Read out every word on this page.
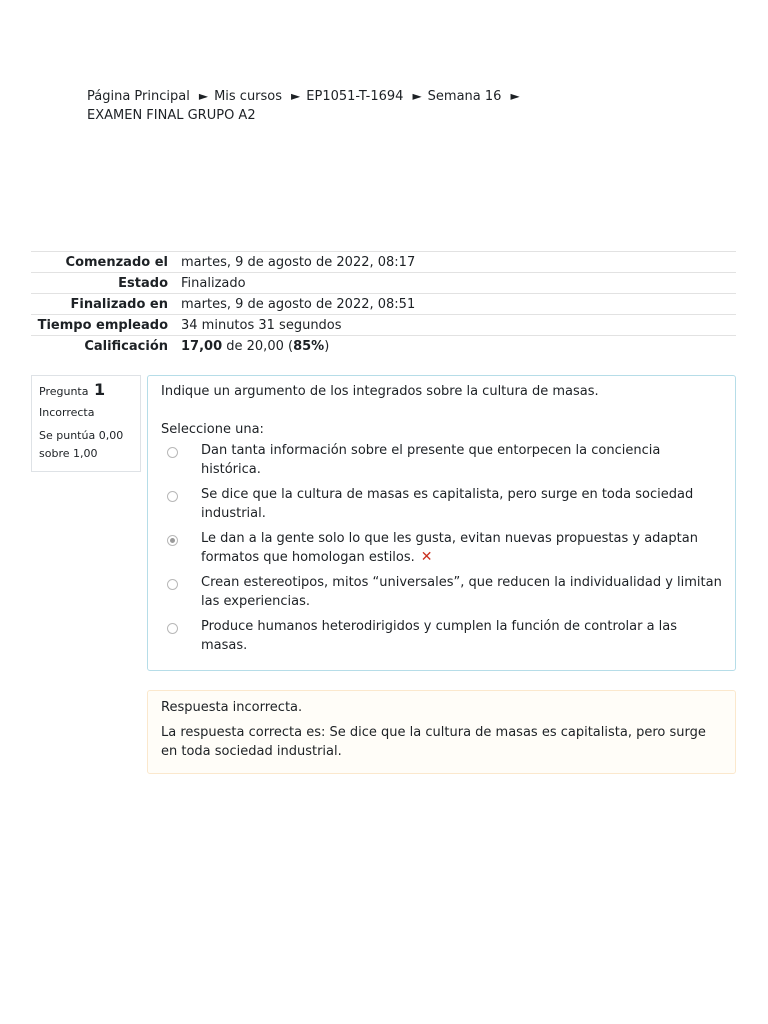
Página Principal ► Mis cursos ► EP1051-T-1694 ► Semana 16 ►
EXAMEN FINAL GRUPO A2
Comenzado el	martes, 9 de agosto de 2022, 08:17
Estado	Finalizado
Finalizado en	martes, 9 de agosto de 2022, 08:51
Tiempo empleado	34 minutos 31 segundos
Calificación	17,00 de 20,00 (85%)
Pregunta 1
Incorrecta
Se puntúa 0,00 sobre 1,00
Indique un argumento de los integrados sobre la cultura de masas.
Seleccione una:
Dan tanta información sobre el presente que entorpecen la conciencia histórica.
Se dice que la cultura de masas es capitalista, pero surge en toda sociedad industrial.
Le dan a la gente solo lo que les gusta, evitan nuevas propuestas y adaptan formatos que homologan estilos. ✕
Crean estereotipos, mitos “universales”, que reducen la individualidad y limitan las experiencias.
Produce humanos heterodirigidos y cumplen la función de controlar a las masas.
Respuesta incorrecta.
La respuesta correcta es: Se dice que la cultura de masas es capitalista, pero surge en toda sociedad industrial.
